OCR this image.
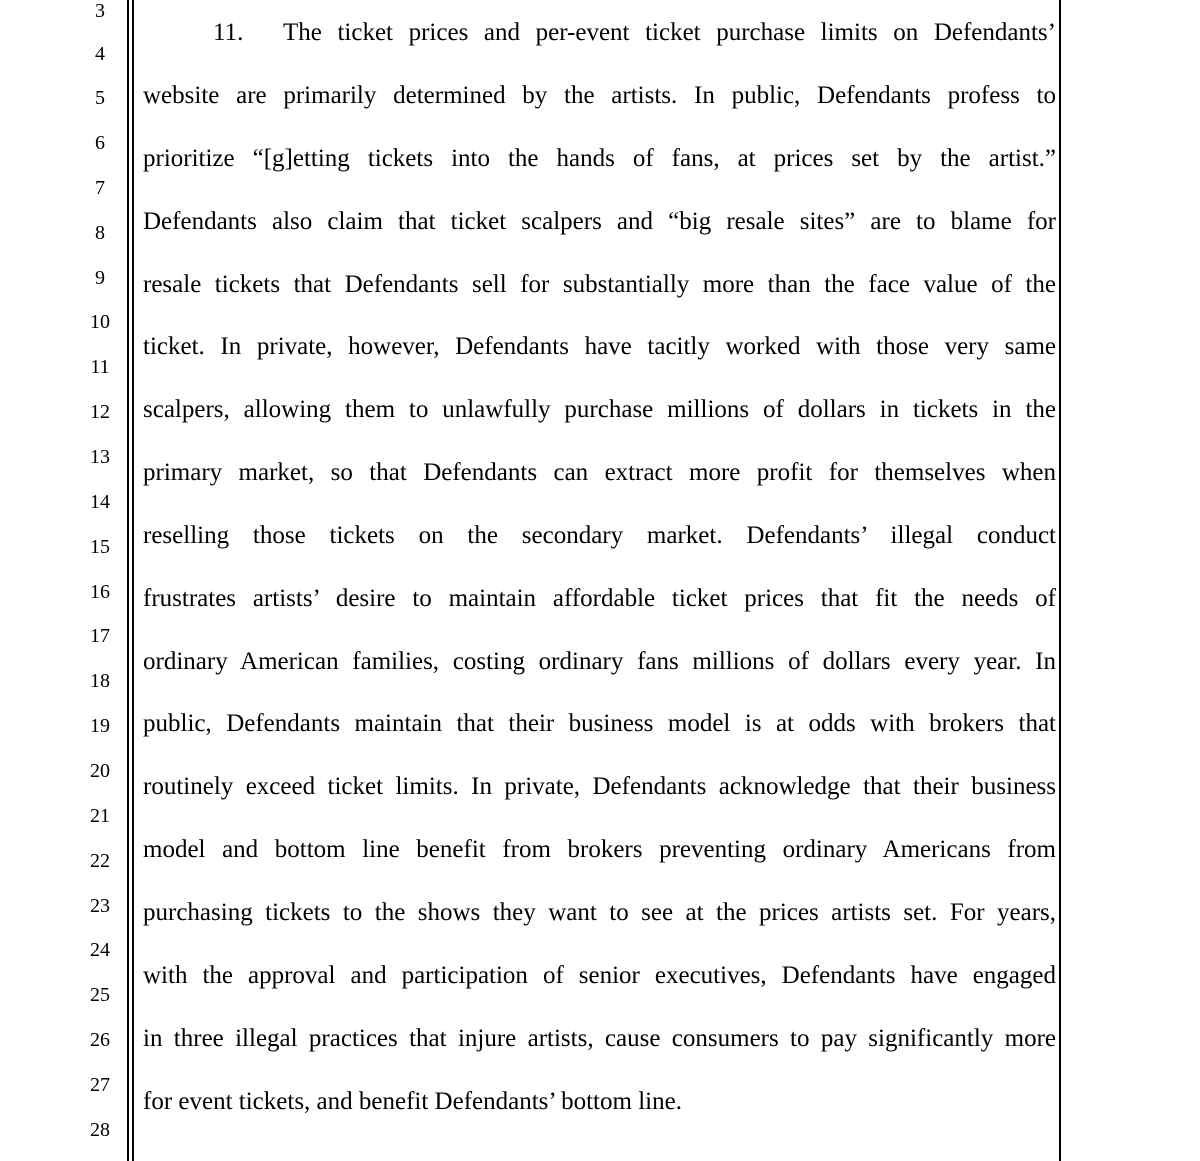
3
4
5
6
7
8
9
10
11
12
13
14
15
16
17
18
19
20
21
22
23
24
25
26
27
28
11. The ticket prices and per-event ticket purchase limits on Defendants’
website are primarily determined by the artists. In public, Defendants profess to
prioritize “[g]etting tickets into the hands of fans, at prices set by the artist.”
Defendants also claim that ticket scalpers and “big resale sites” are to blame for
resale tickets that Defendants sell for substantially more than the face value of the
ticket. In private, however, Defendants have tacitly worked with those very same
scalpers, allowing them to unlawfully purchase millions of dollars in tickets in the
primary market, so that Defendants can extract more profit for themselves when
reselling those tickets on the secondary market. Defendants’ illegal conduct
frustrates artists’ desire to maintain affordable ticket prices that fit the needs of
ordinary American families, costing ordinary fans millions of dollars every year. In
public, Defendants maintain that their business model is at odds with brokers that
routinely exceed ticket limits. In private, Defendants acknowledge that their business
model and bottom line benefit from brokers preventing ordinary Americans from
purchasing tickets to the shows they want to see at the prices artists set. For years,
with the approval and participation of senior executives, Defendants have engaged
in three illegal practices that injure artists, cause consumers to pay significantly more
for event tickets, and benefit Defendants’ bottom line.
